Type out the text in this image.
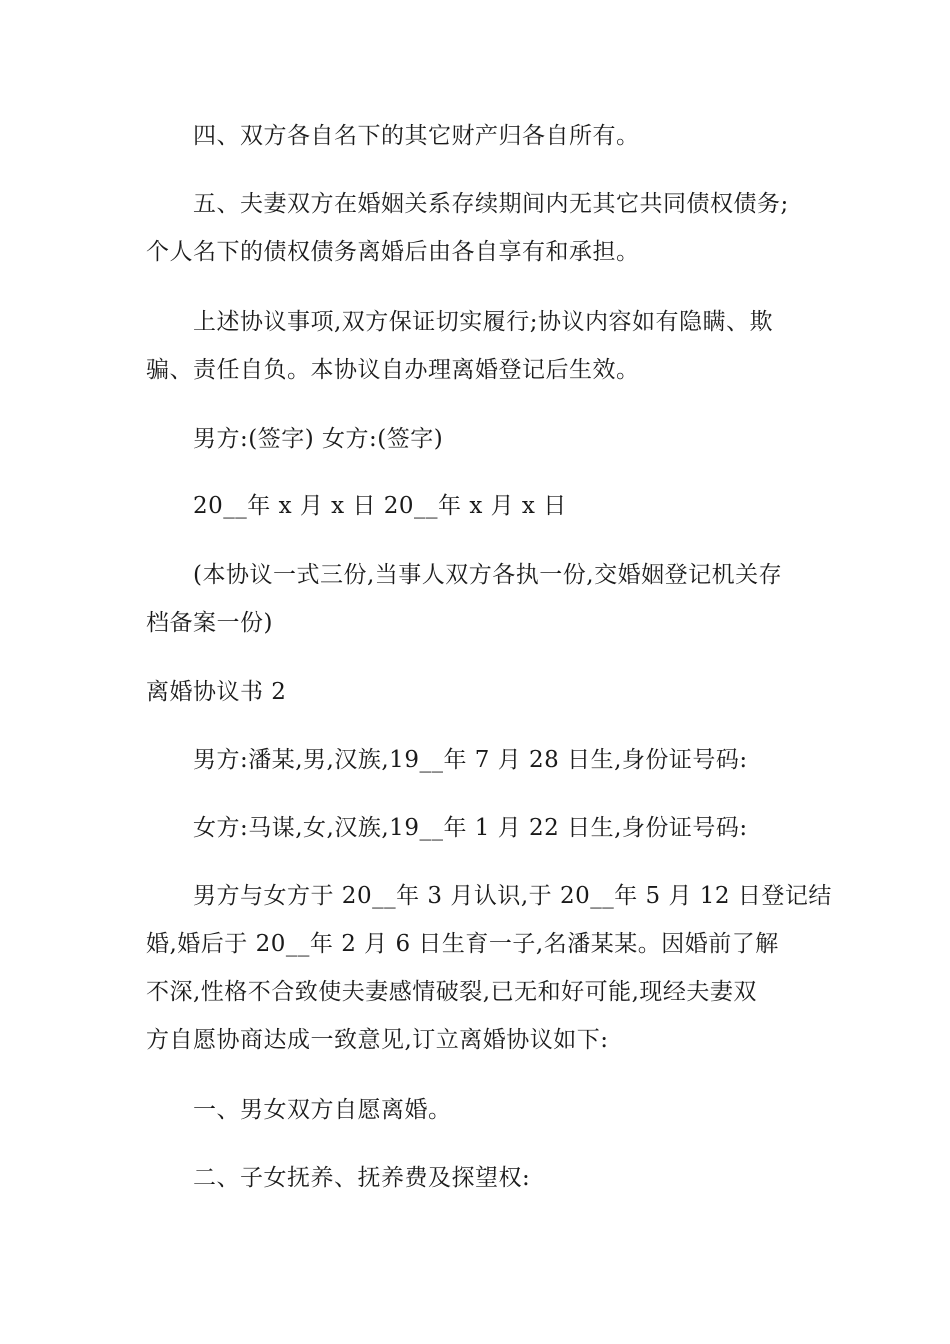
四、双方各自名下的其它财产归各自所有。
五、夫妻双方在婚姻关系存续期间内无其它共同债权债务;
个人名下的债权债务离婚后由各自享有和承担。
上述协议事项,双方保证切实履行;协议内容如有隐瞒、欺
骗、责任自负。本协议自办理离婚登记后生效。
男方:(签字) 女方:(签字)
20__年 x 月 x 日 20__年 x 月 x 日
(本协议一式三份,当事人双方各执一份,交婚姻登记机关存
档备案一份)
离婚协议书 2
男方:潘某,男,汉族,19__年 7 月 28 日生,身份证号码:
女方:马谋,女,汉族,19__年 1 月 22 日生,身份证号码:
男方与女方于 20__年 3 月认识,于 20__年 5 月 12 日登记结
婚,婚后于 20__年 2 月 6 日生育一子,名潘某某。因婚前了解
不深,性格不合致使夫妻感情破裂,已无和好可能,现经夫妻双
方自愿协商达成一致意见,订立离婚协议如下:
一、男女双方自愿离婚。
二、子女抚养、抚养费及探望权:
